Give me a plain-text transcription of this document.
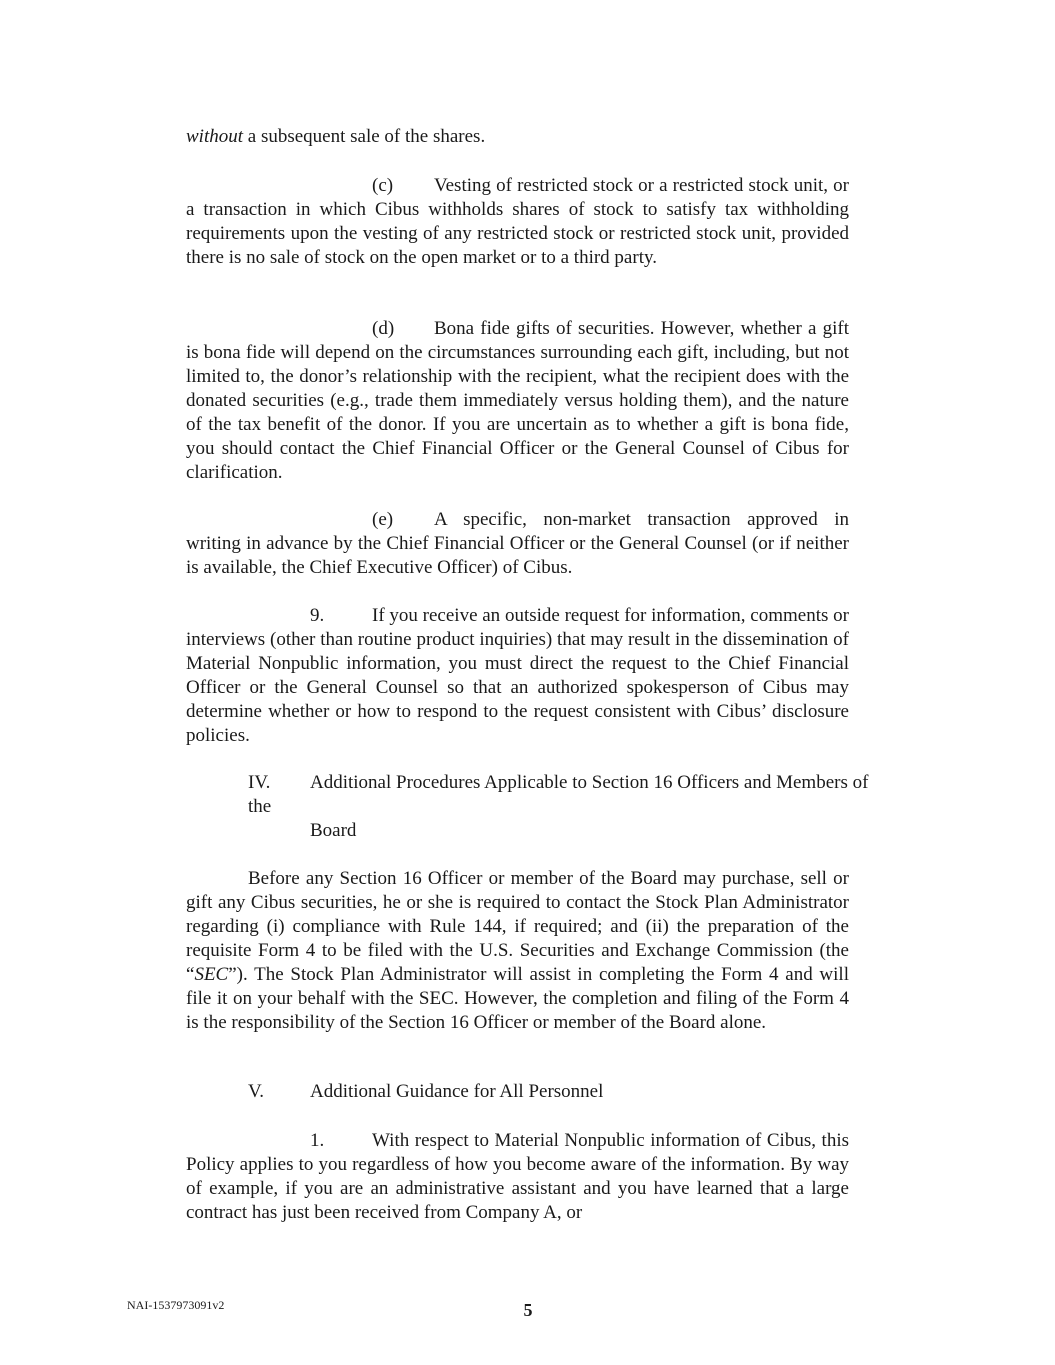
without a subsequent sale of the shares.

(c) Vesting of restricted stock or a restricted stock unit, or a transaction in which Cibus withholds shares of stock to satisfy tax withholding requirements upon the vesting of any restricted stock or restricted stock unit, provided there is no sale of stock on the open market or to a third party.

(d) Bona fide gifts of securities. However, whether a gift is bona fide will depend on the circumstances surrounding each gift, including, but not limited to, the donor’s relationship with the recipient, what the recipient does with the donated securities (e.g., trade them immediately versus holding them), and the nature of the tax benefit of the donor. If you are uncertain as to whether a gift is bona fide, you should contact the Chief Financial Officer or the General Counsel of Cibus for clarification.

(e) A specific, non-market transaction approved in writing in advance by the Chief Financial Officer or the General Counsel (or if neither is available, the Chief Executive Officer) of Cibus.

9.	If you receive an outside request for information, comments or interviews (other than routine product inquiries) that may result in the dissemination of Material Nonpublic information, you must direct the request to the Chief Financial Officer or the General Counsel so that an authorized spokesperson of Cibus may determine whether or how to respond to the request consistent with Cibus’ disclosure policies.

IV. Additional Procedures Applicable to Section 16 Officers and Members of
the
Board

Before any Section 16 Officer or member of the Board may purchase, sell or gift any Cibus securities, he or she is required to contact the Stock Plan Administrator regarding (i) compliance with Rule 144, if required; and (ii) the preparation of the requisite Form 4 to be filed with the U.S. Securities and Exchange Commission (the “SEC”). The Stock Plan Administrator will assist in completing the Form 4 and will file it on your behalf with the SEC. However, the completion and filing of the Form 4 is the responsibility of the Section 16 Officer or member of the Board alone.

V. Additional Guidance for All Personnel

1.	With respect to Material Nonpublic information of Cibus, this Policy applies to you regardless of how you become aware of the information. By way of example, if you are an administrative assistant and you have learned that a large contract has just been received from Company A, or

NAI-1537973091v2	5
